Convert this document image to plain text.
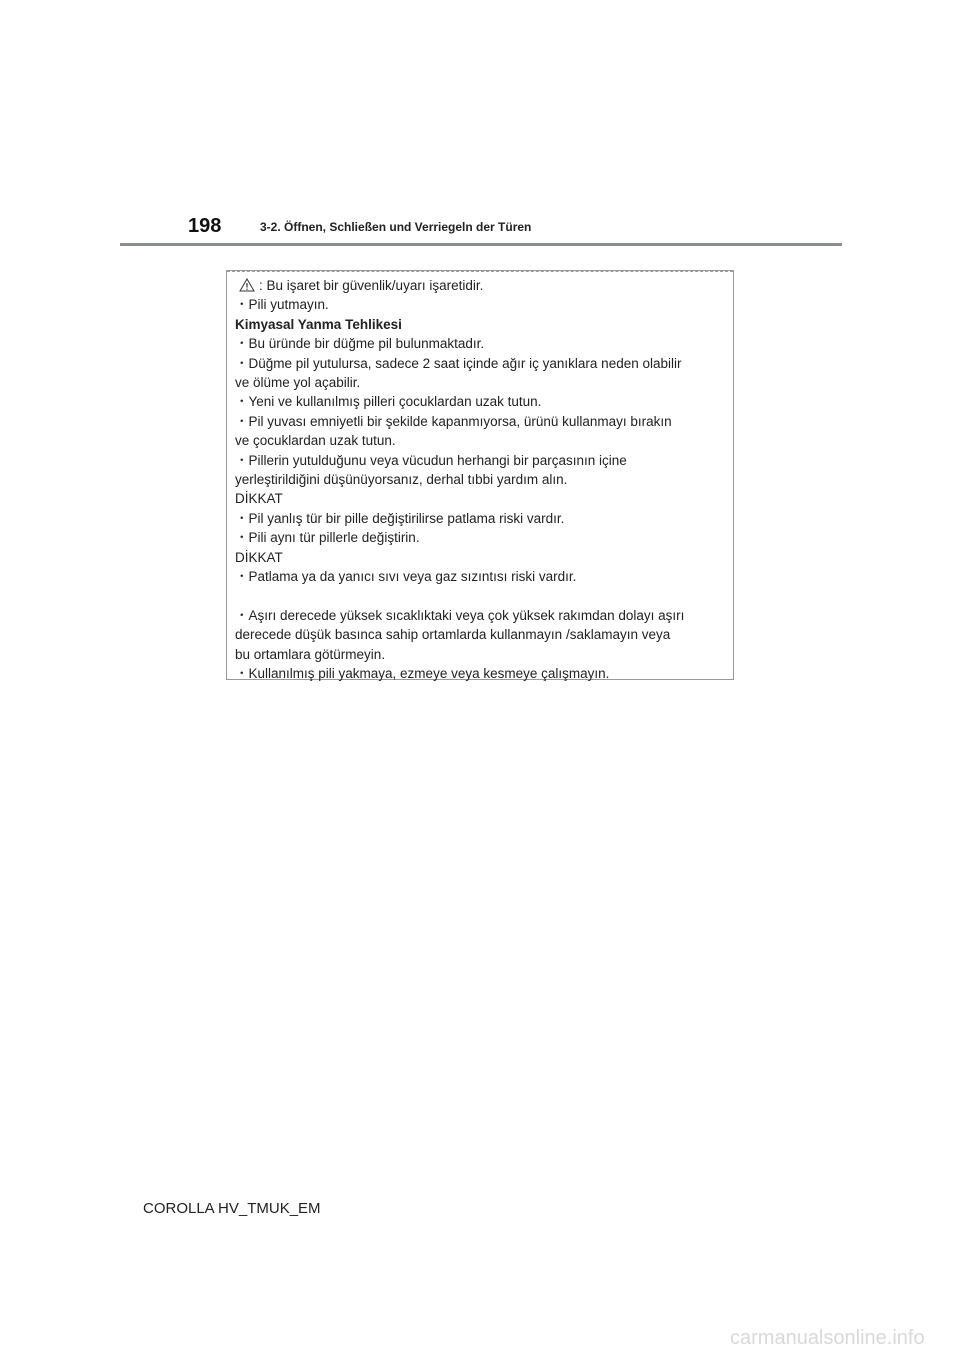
198	3-2. Öffnen, Schließen und Verriegeln der Türen
: Bu işaret bir güvenlik/uyarı işaretidir.
・Pili yutmayın.
Kimyasal Yanma Tehlikesi
・Bu üründe bir düğme pil bulunmaktadır.
・Düğme pil yutulursa, sadece 2 saat içinde ağır iç yanıklara neden olabilir
ve ölüme yol açabilir.
・Yeni ve kullanılmış pilleri çocuklardan uzak tutun.
・Pil yuvası emniyetli bir şekilde kapanmıyorsa, ürünü kullanmayı bırakın
ve çocuklardan uzak tutun.
・Pillerin yutulduğunu veya vücudun herhangi bir parçasının içine
yerleştirildiğini düşünüyorsanız, derhal tıbbi yardım alın.
DİKKAT
・Pil yanlış tür bir pille değiştirilirse patlama riski vardır.
・Pili aynı tür pillerle değiştirin.
DİKKAT
・Patlama ya da yanıcı sıvı veya gaz sızıntısı riski vardır.
・Aşırı derecede yüksek sıcaklıktaki veya çok yüksek rakımdan dolayı aşırı
derecede düşük basınca sahip ortamlarda kullanmayın /saklamayın veya
bu ortamlara götürmeyin.
・Kullanılmış pili yakmaya, ezmeye veya kesmeye çalışmayın.
COROLLA HV_TMUK_EM
carmanualsonline.info
